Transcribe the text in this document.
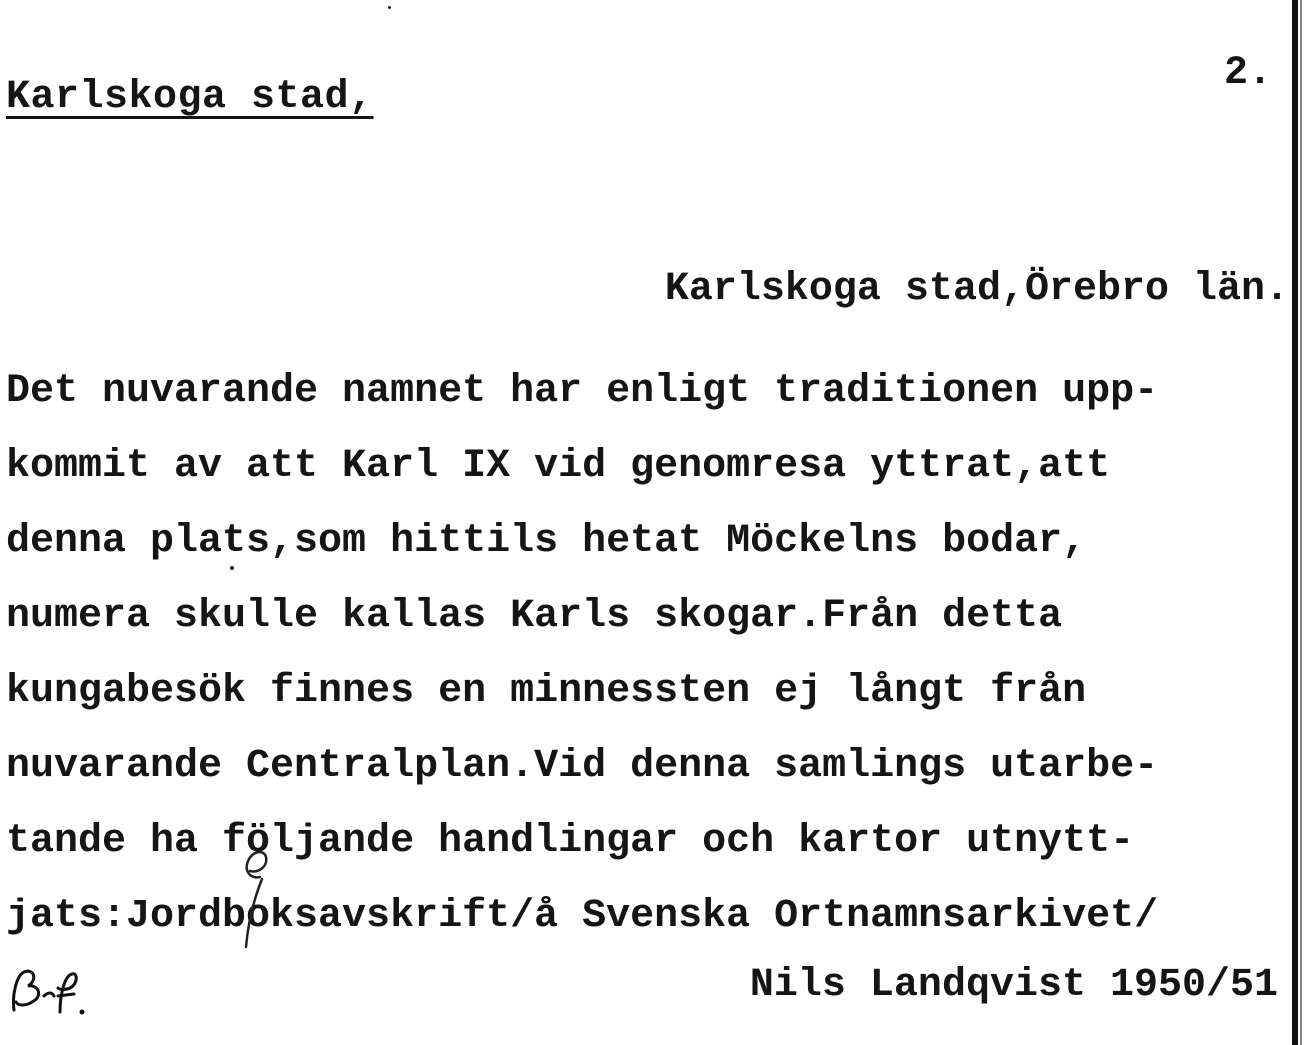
Karlskoga stad,
2.
Karlskoga stad,Örebro län.
Det nuvarande namnet har enligt traditionen upp-
kommit av att Karl IX vid genomresa yttrat,att
denna plats,som hittils hetat Möckelns bodar,
numera skulle kallas Karls skogar.Från detta
kungabesök finnes en minnessten ej långt från
nuvarande Centralplan.Vid denna samlings utarbe-
tande ha följande handlingar och kartor utnytt-
jats:Jordboksavskrift/å Svenska Ortnamnsarkivet/
Nils Landqvist 1950/51
